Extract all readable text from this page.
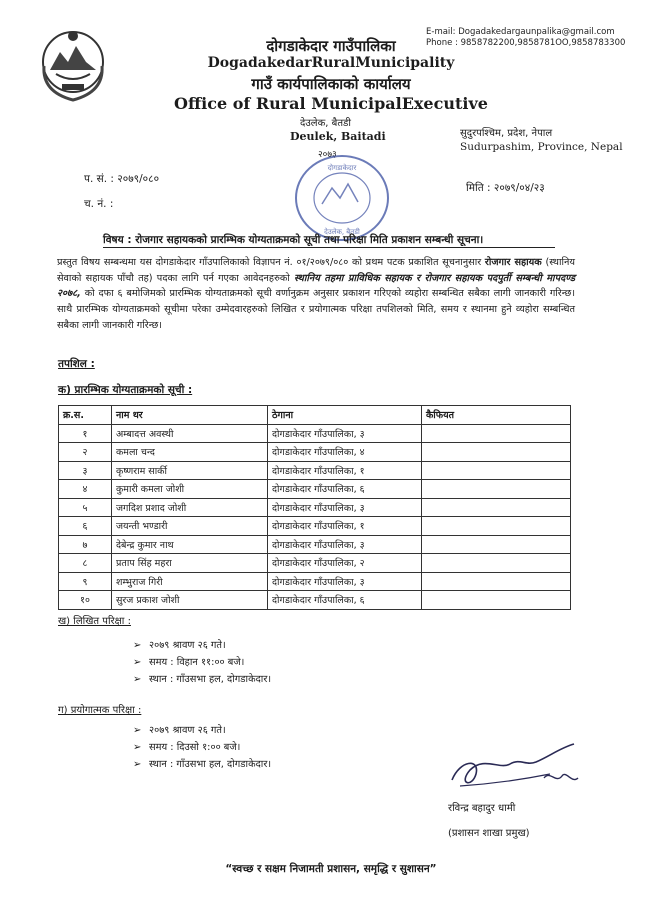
E-mail: Dogadakedargaunpalika@gmail.com
Phone : 9858782200,9858781OO,9858783300
दोगडाकेदार गाउँपालिका
DogadakedarRuralMunicipality
गाउँ कार्यपालिकाको कार्यालय
Office of Rural MunicipalExecutive
देउलेक, बैतडी
Deulek, Baitadi
२०७३
सुदुरपश्चिम, प्रदेश, नेपाल
Sudurpashim, Province, Nepal
प. सं. : २०७९/०८०
च. नं. :
मिति : २०७९/०४/२३
दोगडाकेदार
देउलेक, बैतडी
विषय : रोजगार सहायकको प्रारम्भिक योग्यताक्रमको सूची तथा परिक्षा मिति प्रकाशन सम्बन्धी सूचना।
प्रस्तुत विषय सम्बन्धमा यस दोगडाकेदार गाँउपालिकाको विज्ञापन नं. ०१/२०७९/०८० को प्रथम पटक प्रकाशित सूचनानुसार रोजगार सहायक (स्थानिय सेवाको सहायक पाँचौ तह) पदका लागि पर्न गएका आवेदनहरुको स्थानिय तहमा प्राविधिक सहायक र रोजगार सहायक पदपुर्ती सम्बन्धी मापदण्ड २०७८, को दफा ६ बमोजिमको प्रारम्भिक योग्यताक्रमको सूची वर्णानुक्रम अनुसार प्रकाशन गरिएको व्यहोरा सम्बन्धित सबैका लागी जानकारी गरिन्छ। साथै प्रारम्भिक योग्यताक्रमको सूचीमा परेका उम्मेदवारहरुको लिखित र प्रयोगात्मक परिक्षा तपशिलको मिति, समय र स्थानमा हुने व्यहोरा सम्बन्धित सबैका लागी जानकारी गरिन्छ।
तपशिल :
क) प्रारम्भिक योग्यताक्रमको सूची :
क्र.स.	नाम थर	ठेगाना	कैफियत
१	अम्बादत्त अवस्थी	दोगडाकेदार गाँउपालिका, ३	
२	कमला चन्द	दोगडाकेदार गाँउपालिका, ४	
३	कृष्णराम सार्की	दोगडाकेदार गाँउपालिका, १	
४	कुमारी कमला जोशी	दोगडाकेदार गाँउपालिका, ६	
५	जगदिश प्रशाद जोशी	दोगडाकेदार गाँउपालिका, ३	
६	जयन्ती भण्डारी	दोगडाकेदार गाँउपालिका, १	
७	देबेन्द्र कुमार नाथ	दोगडाकेदार गाँउपालिका, ३	
८	प्रताप सिंह महरा	दोगडाकेदार गाँउपालिका, २	
९	शम्भुराज गिरी	दोगडाकेदार गाँउपालिका, ३	
१०	सुरज प्रकाश जोशी	दोगडाकेदार गाँउपालिका, ६	
ख) लिखित परिक्षा :
➢ २०७९ श्रावण २६ गते।
➢ समय : विहान ११:०० बजे।
➢ स्थान : गाँउसभा हल, दोगडाकेदार।
ग) प्रयोगात्मक परिक्षा :
➢ २०७९ श्रावण २६ गते।
➢ समय : दिउसो १:०० बजे।
➢ स्थान : गाँउसभा हल, दोगडाकेदार।
रविन्द्र बहादुर धामी
(प्रशासन शाखा प्रमुख)
“स्वच्छ र सक्षम निजामती प्रशासन, समृद्धि र सुशासन”
